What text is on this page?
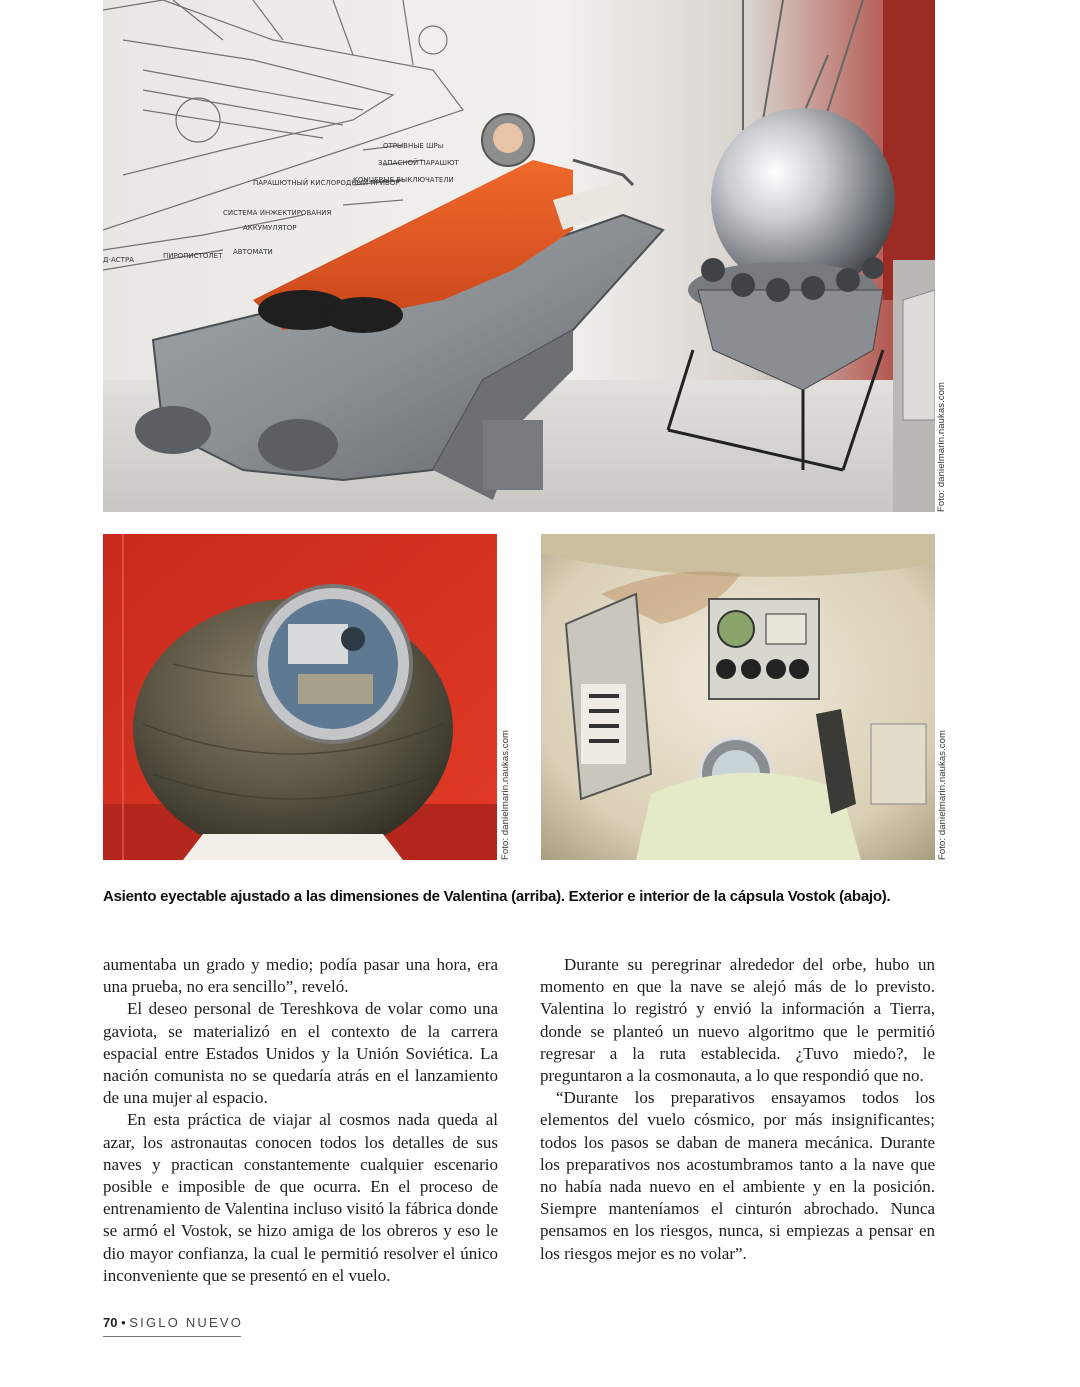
ОТРЫВНЫЕ ШРы
ЗАПАСНОЙ ПАРАШЮТ
КОНЦЕВЫЕ ВЫКЛЮЧАТЕЛИ
ПАРАШЮТНЫЙ КИСЛОРОДНЫЙ ПРИБОР
СИСТЕМА ИНЖЕКТИРОВАНИЯ
АККУМУЛЯТОР
Д-АСТРА	ПИРОПИСТОЛЕТ АВТОМАТИ
Foto: danielmarin.naukas.com
Foto: danielmarin.naukas.com	Foto: danielmarin.naukas.com
Asiento eyectable ajustado a las dimensiones de Valentina (arriba). Exterior e interior de la cápsula Vostok (abajo).

aumentaba un grado y medio; podía pasar una hora, era una prueba, no era sencillo”, reveló.

El deseo personal de Tereshkova de volar como una gaviota, se materializó en el contexto de la carrera espacial entre Estados Unidos y la Unión Soviética. La nación comunista no se quedaría atrás en el lanzamiento de una mujer al espacio.

En esta práctica de viajar al cosmos nada queda al azar, los astronautas conocen todos los detalles de sus naves y practican constantemente cualquier escenario posible e imposible de que ocurra. En el proceso de entrenamiento de Valentina incluso visitó la fábrica donde se armó el Vostok, se hizo amiga de los obreros y eso le dio mayor confianza, la cual le permitió resolver el único inconveniente que se presentó en el vuelo.

Durante su peregrinar alrededor del orbe, hubo un momento en que la nave se alejó más de lo previsto. Valentina lo registró y envió la información a Tierra, donde se planteó un nuevo algoritmo que le permitió regresar a la ruta establecida. ¿Tuvo miedo?, le preguntaron a la cosmonauta, a lo que respondió que no.

“Durante los preparativos ensayamos todos los elementos del vuelo cósmico, por más insignificantes; todos los pasos se daban de manera mecánica. Durante los preparativos nos acostumbramos tanto a la nave que no había nada nuevo en el ambiente y en la posición. Siempre manteníamos el cinturón abrochado. Nunca pensamos en los riesgos, nunca, si empiezas a pensar en los riesgos mejor es no volar”.

70 • SIGLO NUEVO
